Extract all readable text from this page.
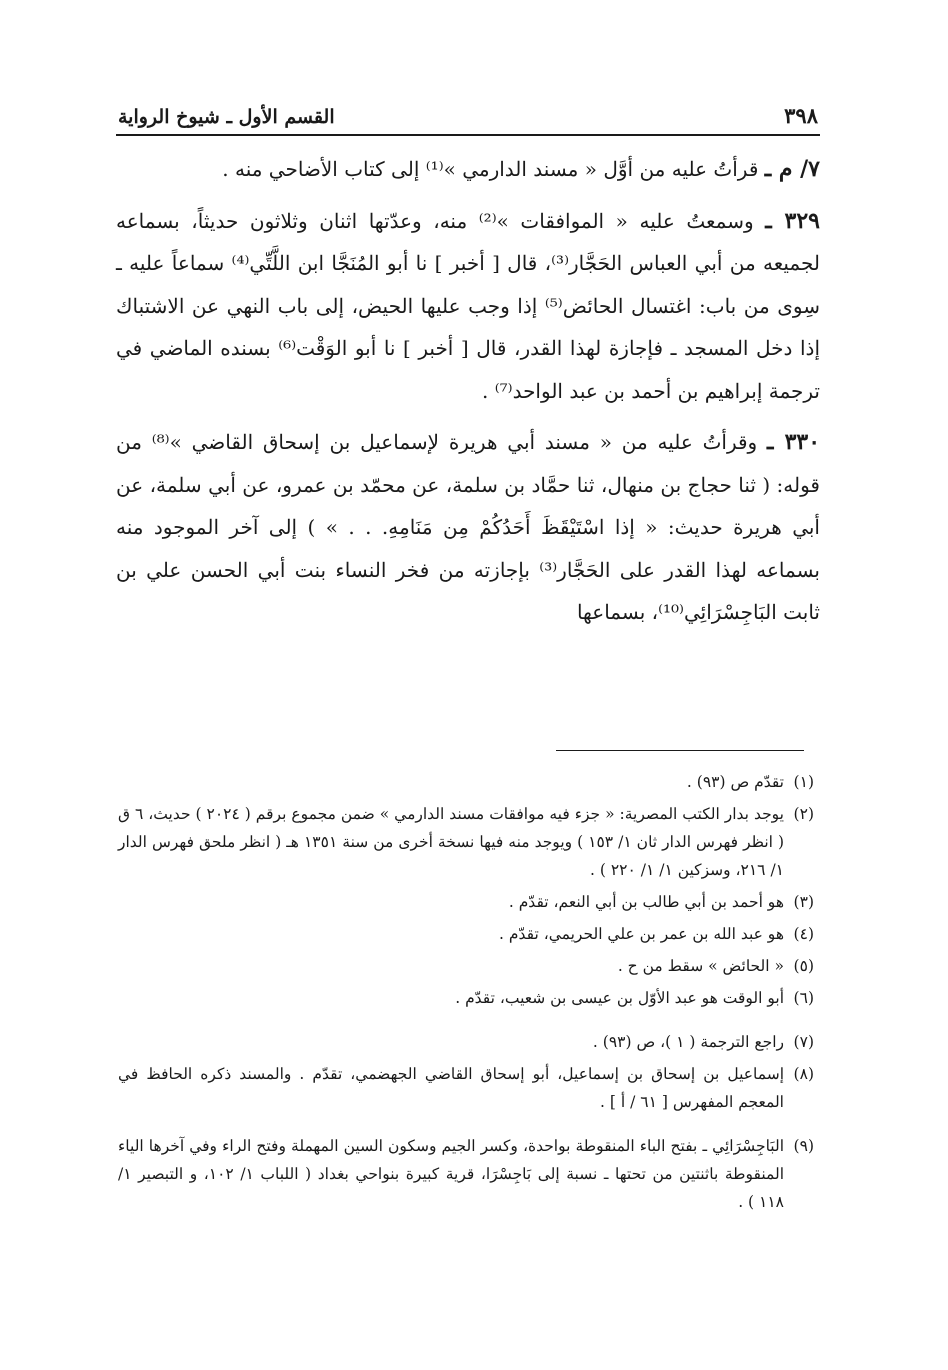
٣٩٨
القسم الأول ـ شيوخ الرواية

٧/ م ـ قرأتُ عليه من أوَّل « مسند الدارمي »⁽¹⁾ إلى كتاب الأضاحي منه .

٣٢٩ ـ وسمعتُ عليه « الموافقات »⁽²⁾ منه، وعدّتها اثنان وثلاثون حديثاً، بسماعه لجميعه من أبي العباس الحَجَّار⁽³⁾، قال [ أخبر ] نا أبو المُنَجَّا ابن اللَّتِّي⁽⁴⁾ سماعاً عليه ـ سِوى من باب: اغتسال الحائض⁽⁵⁾ إذا وجب عليها الحيض، إلى باب النهي عن الاشتباك إذا دخل المسجد ـ فإجازة لهذا القدر، قال [ أخبر ] نا أبو الوَقْت⁽⁶⁾ بسنده الماضي في ترجمة إبراهيم بن أحمد بن عبد الواحد⁽⁷⁾ .

٣٣٠ ـ وقرأتُ عليه من « مسند أبي هريرة لإسماعيل بن إسحاق القاضي »⁽⁸⁾ من قوله: ( ثنا حجاج بن منهال، ثنا حمَّاد بن سلمة، عن محمّد بن عمرو، عن أبي سلمة، عن أبي هريرة حديث: « إذا اسْتَيْقَظَ أَحَدُكُمْ مِن مَنَامِهِ. . . » ) إلى آخر الموجود منه بسماعه لهذا القدر على الحَجَّار⁽³⁾ بإجازته من فخر النساء بنت أبي الحسن علي بن ثابت البَاجِسْرَائِي⁽¹⁰⁾، بسماعها

(١)تقدّم ص (٩٣) .
(٢)يوجد بدار الكتب المصرية: « جزء فيه موافقات مسند الدارمي » ضمن مجموع برقم ( ٢٠٢٤ ) حديث، ٦ ق ( انظر فهرس الدار ثان ١/ ١٥٣ ) ويوجد منه فيها نسخة أخرى من سنة ١٣٥١ هـ ( انظر ملحق فهرس الدار ١/ ٢١٦، وسزكين ١/ ١/ ٢٢٠ ) .
(٣)هو أحمد بن أبي طالب بن أبي النعم، تقدّم .
(٤)هو عبد الله بن عمر بن علي الحريمي، تقدّم .
(٥)« الحائض » سقط من ح .
(٦)أبو الوقت هو عبد الأوّل بن عيسى بن شعيب، تقدّم .
(٧)راجع الترجمة ( ١ )، ص (٩٣) .
(٨)إسماعيل بن إسحاق بن إسماعيل، أبو إسحاق القاضي الجهضمي، تقدّم . والمسند ذكره الحافظ في المعجم المفهرس [ ٦١ / أ ] .
(٩)البَاجِسْرَائِي ـ بفتح الباء المنقوطة بواحدة، وكسر الجيم وسكون السين المهملة وفتح الراء وفي آخرها الياء المنقوطة باثنتين من تحتها ـ نسبة إلى بَاجِسْرَا، قرية كبيرة بنواحي بغداد ( اللباب ١/ ١٠٢، و التبصير ١/ ١١٨ ) .
